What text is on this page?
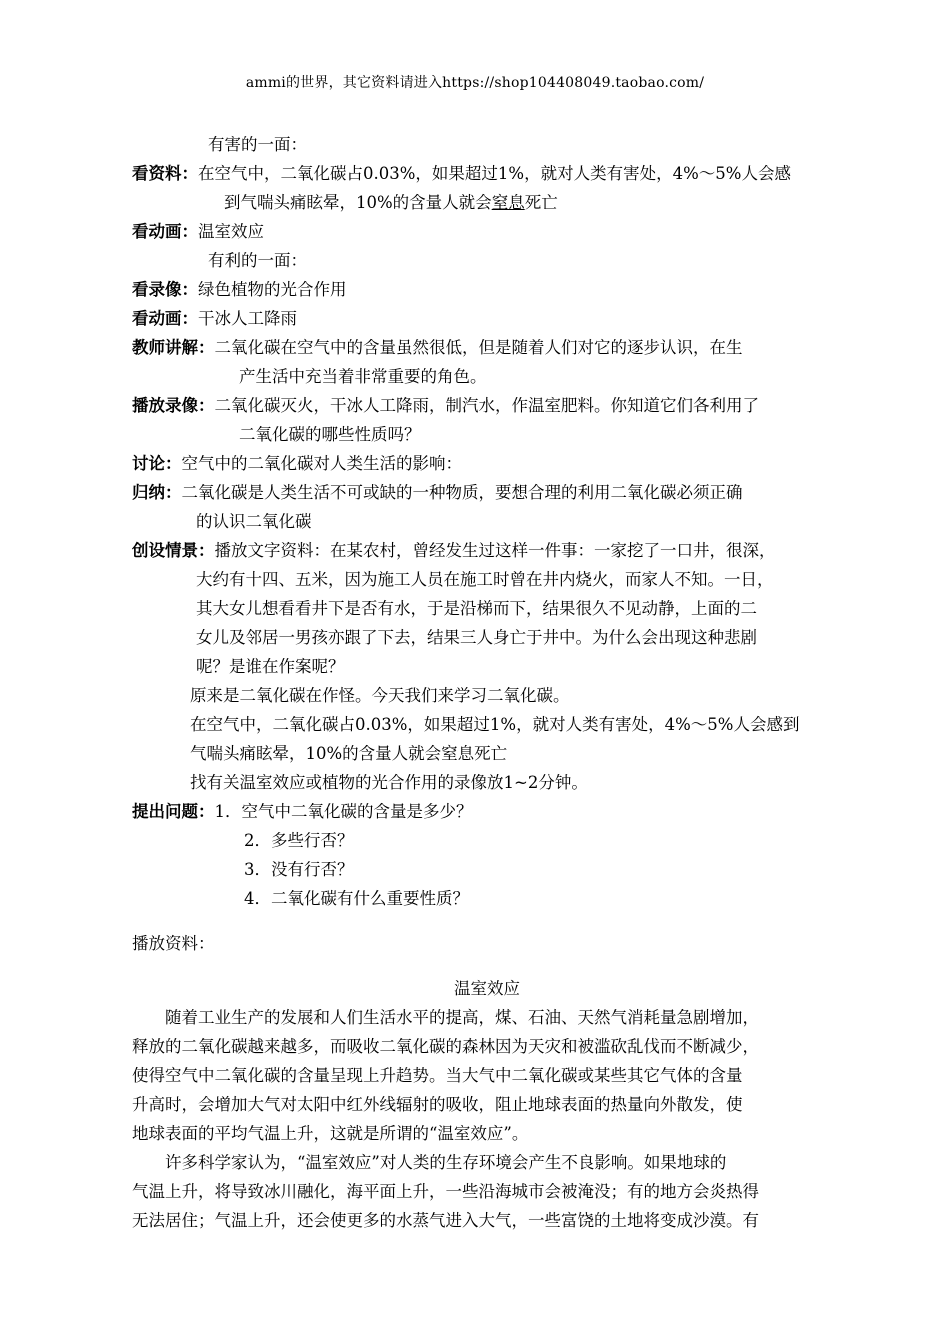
ammi的世界，其它资料请进入https://shop104408049.taobao.com/
有害的一面：
看资料：在空气中，二氧化碳占0.03%，如果超过1%，就对人类有害处，4%～5%人会感
到气喘头痛眩晕，10%的含量人就会窒息死亡
看动画：温室效应
有利的一面：
看录像：绿色植物的光合作用
看动画：干冰人工降雨
教师讲解：二氧化碳在空气中的含量虽然很低，但是随着人们对它的逐步认识，在生
产生活中充当着非常重要的角色。
播放录像：二氧化碳灭火，干冰人工降雨，制汽水，作温室肥料。你知道它们各利用了
二氧化碳的哪些性质吗？
讨论：空气中的二氧化碳对人类生活的影响：
归纳：二氧化碳是人类生活不可或缺的一种物质，要想合理的利用二氧化碳必须正确
的认识二氧化碳
创设情景：播放文字资料：在某农村，曾经发生过这样一件事：一家挖了一口井，很深，
大约有十四、五米，因为施工人员在施工时曾在井内烧火，而家人不知。一日，
其大女儿想看看井下是否有水，于是沿梯而下，结果很久不见动静，上面的二
女儿及邻居一男孩亦跟了下去，结果三人身亡于井中。为什么会出现这种悲剧
呢？是谁在作案呢？
原来是二氧化碳在作怪。今天我们来学习二氧化碳。
在空气中，二氧化碳占0.03%，如果超过1%，就对人类有害处，4%～5%人会感到
气喘头痛眩晕，10%的含量人就会窒息死亡
找有关温室效应或植物的光合作用的录像放1~2分钟。
提出问题：1．空气中二氧化碳的含量是多少？
2．多些行否？
3．没有行否？
4．二氧化碳有什么重要性质？
播放资料：
温室效应
随着工业生产的发展和人们生活水平的提高，煤、石油、天然气消耗量急剧增加，
释放的二氧化碳越来越多，而吸收二氧化碳的森林因为天灾和被滥砍乱伐而不断减少，
使得空气中二氧化碳的含量呈现上升趋势。当大气中二氧化碳或某些其它气体的含量
升高时，会增加大气对太阳中红外线辐射的吸收，阻止地球表面的热量向外散发，使
地球表面的平均气温上升，这就是所谓的“温室效应”。
许多科学家认为，“温室效应”对人类的生存环境会产生不良影响。如果地球的
气温上升，将导致冰川融化，海平面上升，一些沿海城市会被淹没；有的地方会炎热得
无法居住；气温上升，还会使更多的水蒸气进入大气，一些富饶的土地将变成沙漠。有
